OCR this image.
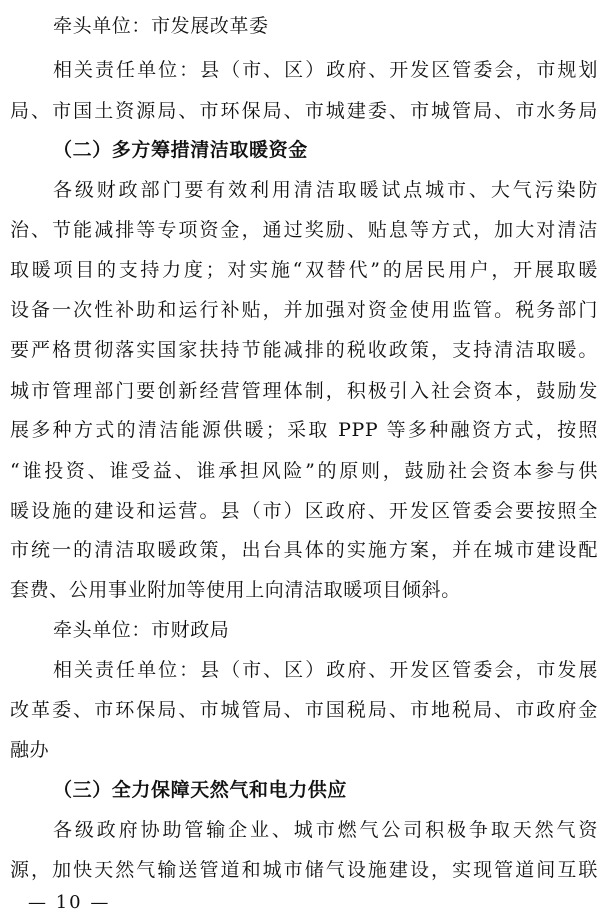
牵头单位：市发展改革委
相关责任单位：县（市、区）政府、开发区管委会，市规划
局、市国土资源局、市环保局、市城建委、市城管局、市水务局
（二）多方筹措清洁取暖资金
各级财政部门要有效利用清洁取暖试点城市、大气污染防
治、节能减排等专项资金，通过奖励、贴息等方式，加大对清洁
取暖项目的支持力度；对实施“双替代”的居民用户，开展取暖
设备一次性补助和运行补贴，并加强对资金使用监管。税务部门
要严格贯彻落实国家扶持节能减排的税收政策，支持清洁取暖。
城市管理部门要创新经营管理体制，积极引入社会资本，鼓励发
展多种方式的清洁能源供暖；采取 PPP 等多种融资方式，按照
“谁投资、谁受益、谁承担风险”的原则，鼓励社会资本参与供
暖设施的建设和运营。县（市）区政府、开发区管委会要按照全
市统一的清洁取暖政策，出台具体的实施方案，并在城市建设配
套费、公用事业附加等使用上向清洁取暖项目倾斜。
牵头单位：市财政局
相关责任单位：县（市、区）政府、开发区管委会，市发展
改革委、市环保局、市城管局、市国税局、市地税局、市政府金
融办
（三）全力保障天然气和电力供应
各级政府协助管输企业、城市燃气公司积极争取天然气资
源，加快天然气输送管道和城市储气设施建设，实现管道间互联
— 10 —
